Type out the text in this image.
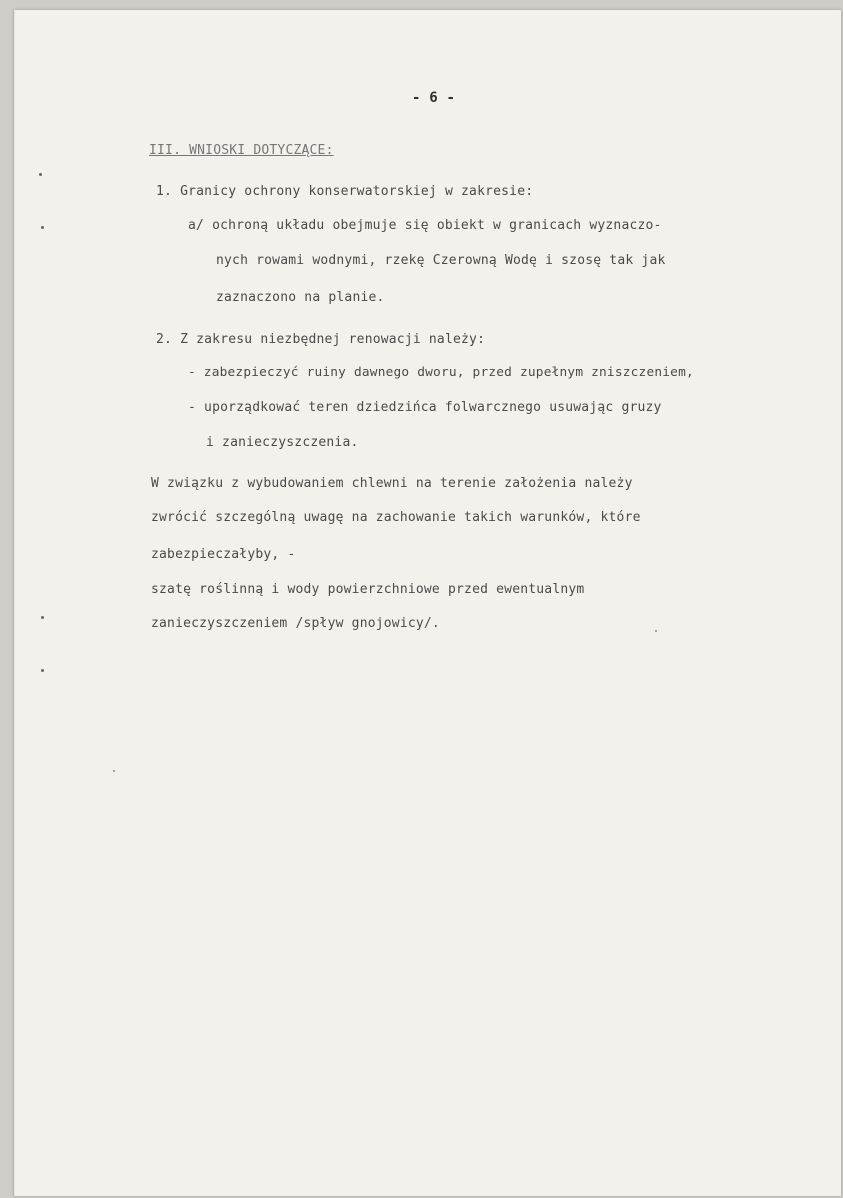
- 6 -
III. WNIOSKI DOTYCZĄCE:
1. Granicy ochrony konserwatorskiej w zakresie:
a/ ochroną układu obejmuje się obiekt w granicach wyznaczo-
nych rowami wodnymi, rzekę Czerowną Wodę i szosę tak jak
zaznaczono na planie.
2. Z zakresu niezbędnej renowacji należy:
- zabezpieczyć ruiny dawnego dworu, przed zupełnym zniszczeniem,
- uporządkować teren dziedzińca folwarcznego usuwając gruzy
i zanieczyszczenia.
W związku z wybudowaniem chlewni na terenie założenia należy
zwrócić szczególną uwagę na zachowanie takich warunków, które
zabezpieczałyby, -
szatę roślinną i wody powierzchniowe przed ewentualnym
zanieczyszczeniem /spływ gnojowicy/.
